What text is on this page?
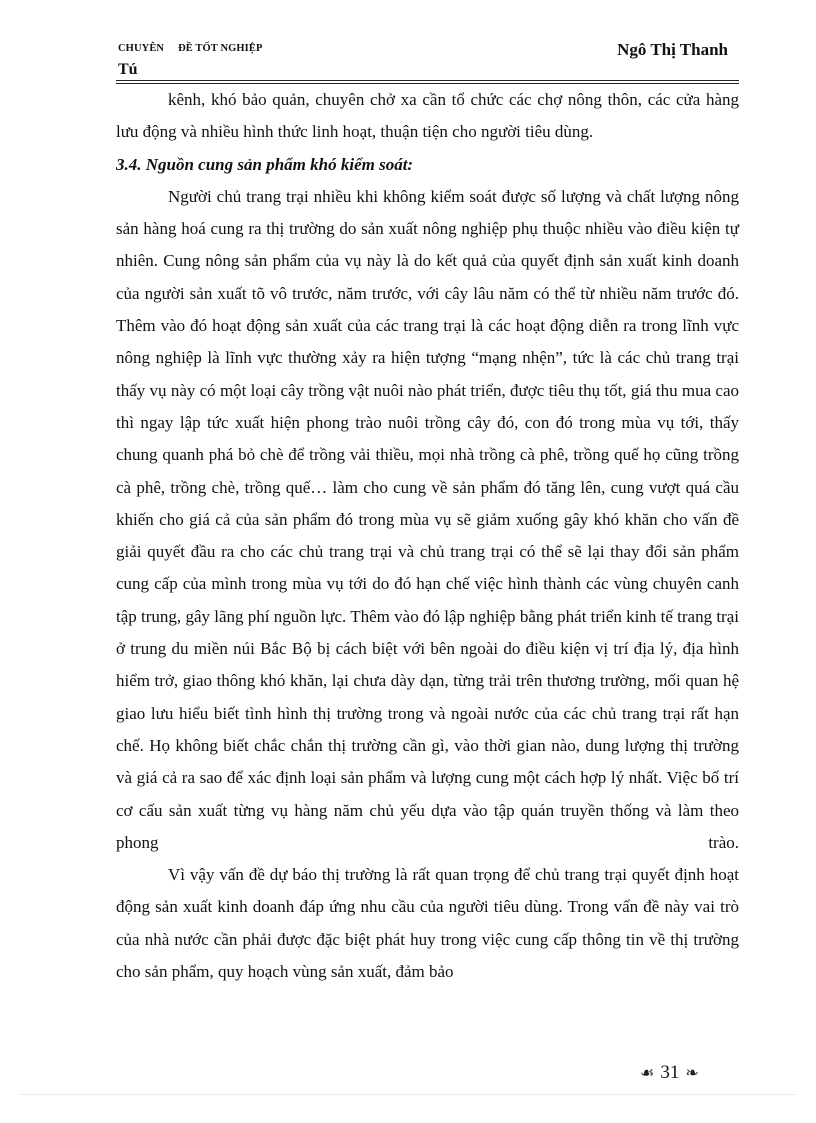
CHUYÊN ĐỀ TỐT NGHIỆP	Ngô Thị Thanh
Tú

kênh, khó bảo quản, chuyên chở xa cần tổ chức các chợ nông thôn, các cửa hàng lưu động và nhiều hình thức linh hoạt, thuận tiện cho người tiêu dùng.

3.4. Nguồn cung sản phẩm khó kiểm soát:

Người chủ trang trại nhiều khi không kiểm soát được số lượng và chất lượng nông sản hàng hoá cung ra thị trường do sản xuất nông nghiệp phụ thuộc nhiều vào điều kiện tự nhiên. Cung nông sản phẩm của vụ này là do kết quả của quyết định sản xuất kinh doanh của người sản xuất tõ vô trước, năm trước, với cây lâu năm có thể từ nhiều năm trước đó. Thêm vào đó hoạt động sản xuất của các trang trại là các hoạt động diễn ra trong lĩnh vực nông nghiệp là lĩnh vực thường xảy ra hiện tượng “mạng nhện”, tức là các chủ trang trại thấy vụ này có một loại cây trồng vật nuôi nào phát triển, được tiêu thụ tốt, giá thu mua cao thì ngay lập tức xuất hiện phong trào nuôi trồng cây đó, con đó trong mùa vụ tới, thấy chung quanh phá bỏ chè để trồng vải thiều, mọi nhà trồng cà phê, trồng quế họ cũng trồng cà phê, trồng chè, trồng quế… làm cho cung về sản phẩm đó tăng lên, cung vượt quá cầu khiến cho giá cả của sản phẩm đó trong mùa vụ sẽ giảm xuống gây khó khăn cho vấn đề giải quyết đầu ra cho các chủ trang trại và chủ trang trại có thể sẽ lại thay đổi sản phẩm cung cấp của mình trong mùa vụ tới do đó hạn chế việc hình thành các vùng chuyên canh tập trung, gây lãng phí nguồn lực. Thêm vào đó lập nghiệp bằng phát triển kinh tế trang trại ở trung du miền núi Bắc Bộ bị cách biệt với bên ngoài do điều kiện vị trí địa lý, địa hình hiểm trở, giao thông khó khăn, lại chưa dày dạn, từng trải trên thương trường, mối quan hệ giao lưu hiểu biết tình hình thị trường trong và ngoài nước của các chủ trang trại rất hạn chế. Họ không biết chắc chắn thị trường cần gì, vào thời gian nào, dung lượng thị trường và giá cả ra sao để xác định loại sản phẩm và lượng cung một cách hợp lý nhất. Việc bố trí cơ cấu sản xuất từng vụ hàng năm chủ yếu dựa vào tập quán truyền thống và làm theo phong trào.

Vì vậy vấn đề dự báo thị trường là rất quan trọng để chủ trang trại quyết định hoạt động sản xuất kinh doanh đáp ứng nhu cầu của người tiêu dùng. Trong vấn đề này vai trò của nhà nước cần phải được đặc biệt phát huy trong việc cung cấp thông tin về thị trường cho sản phẩm, quy hoạch vùng sản xuất, đảm bảo

☙ 31 ❧
